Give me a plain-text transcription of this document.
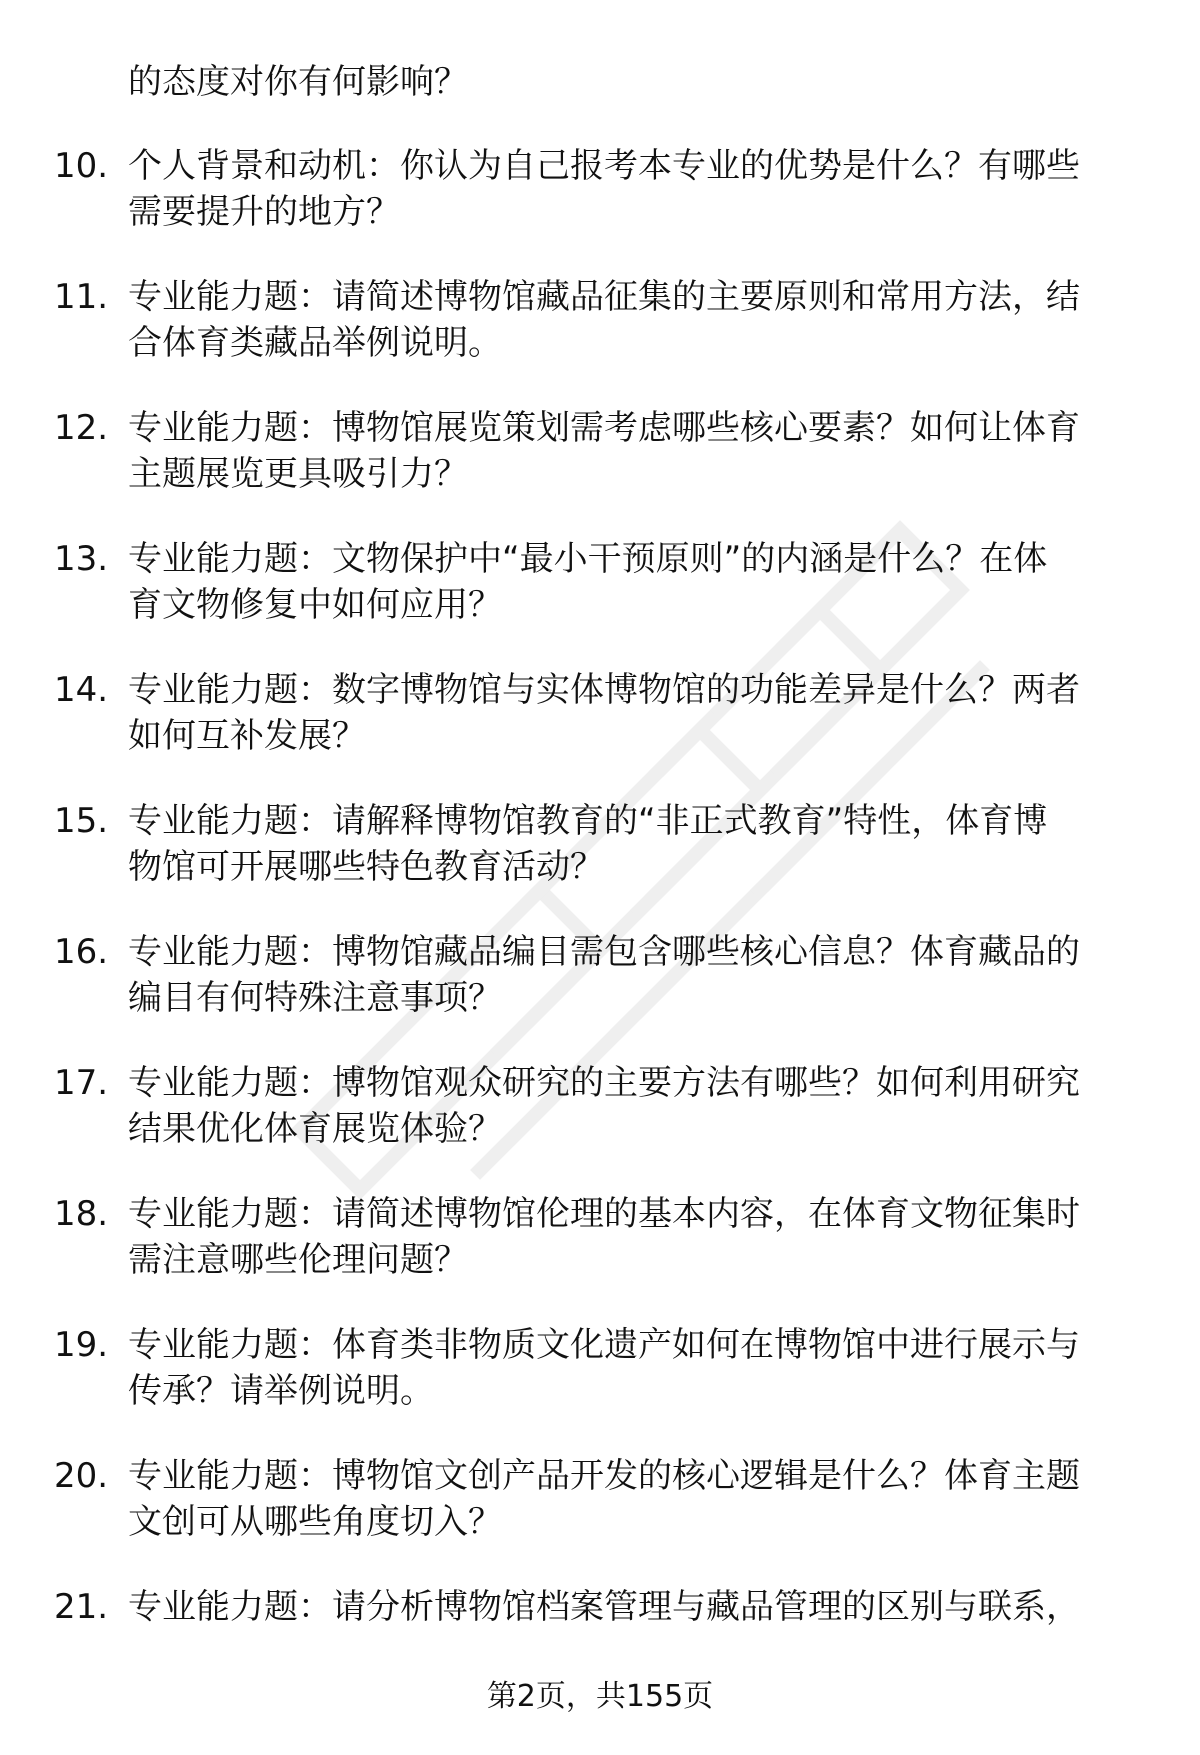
的态度对你有何影响？
10. 个人背景和动机：你认为自己报考本专业的优势是什么？有哪些
需要提升的地方？
11. 专业能力题：请简述博物馆藏品征集的主要原则和常用方法，结
合体育类藏品举例说明。
12. 专业能力题：博物馆展览策划需考虑哪些核心要素？如何让体育
主题展览更具吸引力？
13. 专业能力题：文物保护中“最小干预原则”的内涵是什么？在体
育文物修复中如何应用？
14. 专业能力题：数字博物馆与实体博物馆的功能差异是什么？两者
如何互补发展？
15. 专业能力题：请解释博物馆教育的“非正式教育”特性，体育博
物馆可开展哪些特色教育活动？
16. 专业能力题：博物馆藏品编目需包含哪些核心信息？体育藏品的
编目有何特殊注意事项？
17. 专业能力题：博物馆观众研究的主要方法有哪些？如何利用研究
结果优化体育展览体验？
18. 专业能力题：请简述博物馆伦理的基本内容，在体育文物征集时
需注意哪些伦理问题？
19. 专业能力题：体育类非物质文化遗产如何在博物馆中进行展示与
传承？请举例说明。
20. 专业能力题：博物馆文创产品开发的核心逻辑是什么？体育主题
文创可从哪些角度切入？
21. 专业能力题：请分析博物馆档案管理与藏品管理的区别与联系，
第2页，共155页
